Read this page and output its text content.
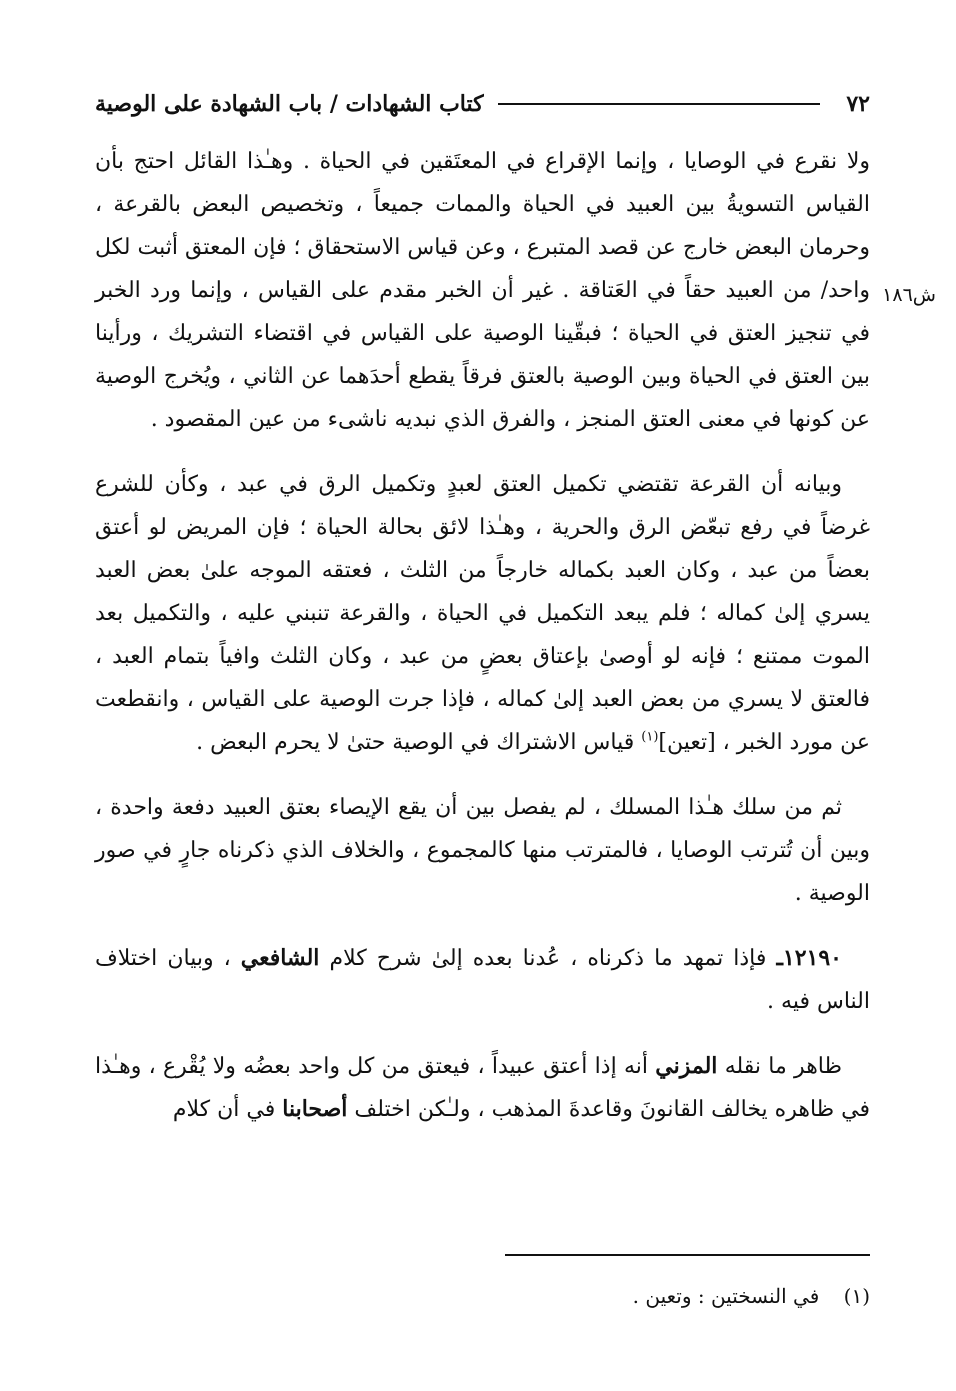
٧٢
كتاب الشهادات / باب الشهادة على الوصية
ش١٨٦

ولا نقرع في الوصايا ، وإنما الإقراع في المعتَقين في الحياة . وهـٰذا القائل احتج بأن القياس التسويةُ بين العبيد في الحياة والممات جميعاً ، وتخصيص البعض بالقرعة ، وحرمان البعض خارج عن قصد المتبرع ، وعن قياس الاستحقاق ؛ فإن المعتق أثبت لكل واحد/ من العبيد حقاً في العَتاقة . غير أن الخبر مقدم على القياس ، وإنما ورد الخبر في تنجيز العتق في الحياة ؛ فبقّينا الوصية على القياس في اقتضاء التشريك ، ورأينا بين العتق في الحياة وبين الوصية بالعتق فرقاً يقطع أحدَهما عن الثاني ، ويُخرج الوصية عن كونها في معنى العتق المنجز ، والفرق الذي نبديه ناشىء من عين المقصود .

وبيانه أن القرعة تقتضي تكميل العتق لعبدٍ وتكميل الرق في عبد ، وكأن للشرع غرضاً في رفع تبعّض الرق والحرية ، وهـٰذا لائق بحالة الحياة ؛ فإن المريض لو أعتق بعضاً من عبد ، وكان العبد بكماله خارجاً من الثلث ، فعتقه الموجه علىٰ بعض العبد يسري إلىٰ كماله ؛ فلم يبعد التكميل في الحياة ، والقرعة تنبني عليه ، والتكميل بعد الموت ممتنع ؛ فإنه لو أوصىٰ بإعتاق بعضٍ من عبد ، وكان الثلث وافياً بتمام العبد ، فالعتق لا يسري من بعض العبد إلىٰ كماله ، فإذا جرت الوصية على القياس ، وانقطعت عن مورد الخبر ، [تعين]$^{(١)}$ قياس الاشتراك في الوصية حتىٰ لا يحرم البعض .

ثم من سلك هـٰذا المسلك ، لم يفصل بين أن يقع الإيصاء بعتق العبيد دفعة واحدة ، وبين أن تُترتب الوصايا ، فالمترتب منها كالمجموع ، والخلاف الذي ذكرناه جارٍ في صور الوصية .

١٢١٩٠ـ فإذا تمهد ما ذكرناه ، عُدنا بعده إلىٰ شرح كلام الشافعي ، وبيان اختلاف الناس فيه .

ظاهر ما نقله المزني أنه إذا أعتق عبيداً ، فيعتق من كل واحد بعضُه ولا يُقْرع ، وهـٰذا في ظاهره يخالف القانونَ وقاعدةَ المذهب ، ولـٰكن اختلف أصحابنا في أن كلام

(١) في النسختين : وتعين .
